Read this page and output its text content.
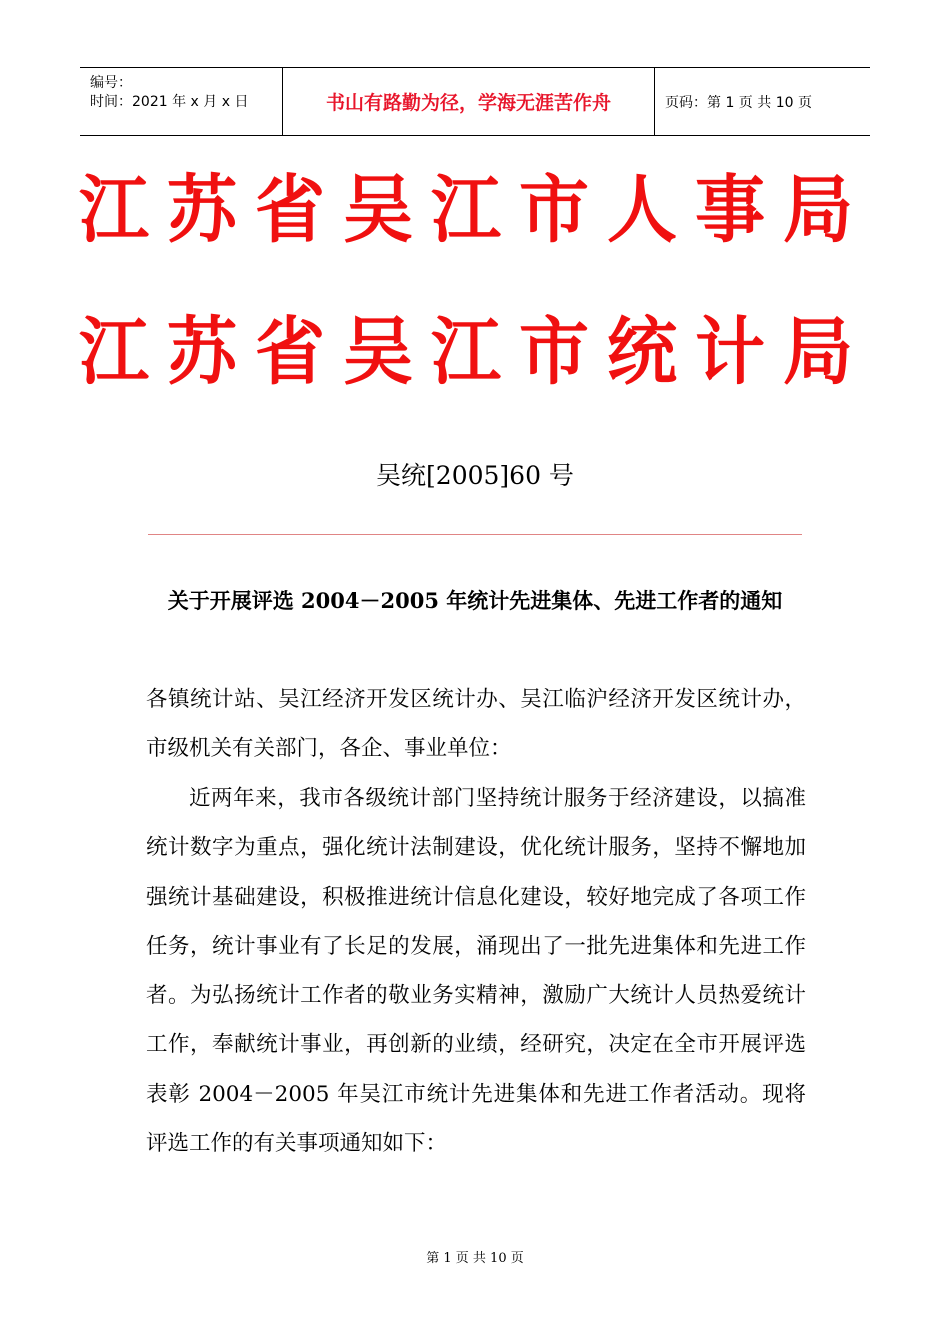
编号：
时间：2021 年 x 月 x 日	书山有路勤为径，学海无涯苦作舟	页码：第 1 页 共 10 页
江苏省吴江市人事局
江苏省吴江市统计局
吴统[2005]60 号
关于开展评选 2004－2005 年统计先进集体、先进工作者的通知
各镇统计站、吴江经济开发区统计办、吴江临沪经济开发区统计办，市级机关有关部门，各企、事业单位：
近两年来，我市各级统计部门坚持统计服务于经济建设，以搞准统计数字为重点，强化统计法制建设，优化统计服务，坚持不懈地加强统计基础建设，积极推进统计信息化建设，较好地完成了各项工作任务，统计事业有了长足的发展，涌现出了一批先进集体和先进工作者。为弘扬统计工作者的敬业务实精神，激励广大统计人员热爱统计工作，奉献统计事业，再创新的业绩，经研究，决定在全市开展评选表彰 2004－2005 年吴江市统计先进集体和先进工作者活动。现将评选工作的有关事项通知如下：
第 1 页 共 10 页
